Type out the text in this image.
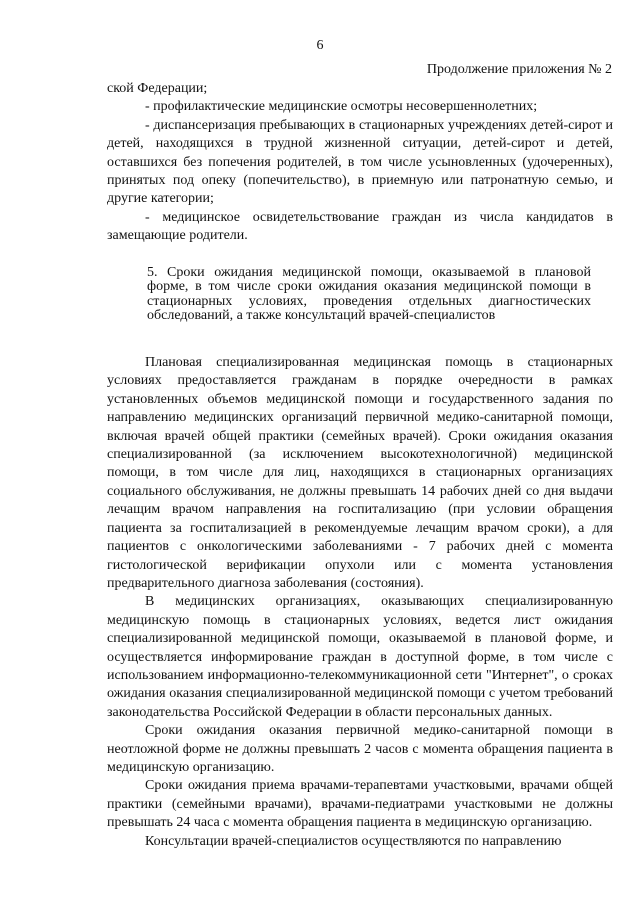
6
Продолжение приложения № 2

ской Федерации;

- профилактические медицинские осмотры несовершеннолетних;

- диспансеризация пребывающих в стационарных учреждениях детей-сирот и детей, находящихся в трудной жизненной ситуации, детей-сирот и детей, оставшихся без попечения родителей, в том числе усыновленных (удочеренных), принятых под опеку (попечительство), в приемную или патронатную семью, и другие категории;

- медицинское освидетельствование граждан из числа кандидатов в замещающие родители.

5. Сроки ожидания медицинской помощи, оказываемой в плановой форме, в том числе сроки ожидания оказания медицинской помощи в стационарных условиях, проведения отдельных диагностических обследований, а также консультаций врачей-специалистов

Плановая специализированная медицинская помощь в стационарных условиях предоставляется гражданам в порядке очередности в рамках установленных объемов медицинской помощи и государственного задания по направлению медицинских организаций первичной медико-санитарной помощи, включая врачей общей практики (семейных врачей). Сроки ожидания оказания специализированной (за исключением высокотехнологичной) медицинской помощи, в том числе для лиц, находящихся в стационарных организациях социального обслуживания, не должны превышать 14 рабочих дней со дня выдачи лечащим врачом направления на госпитализацию (при условии обращения пациента за госпитализацией в рекомендуемые лечащим врачом сроки), а для пациентов с онкологическими заболеваниями - 7 рабочих дней с момента гистологической верификации опухоли или с момента установления предварительного диагноза заболевания (состояния).

В медицинских организациях, оказывающих специализированную медицинскую помощь в стационарных условиях, ведется лист ожидания специализированной медицинской помощи, оказываемой в плановой форме, и осуществляется информирование граждан в доступной форме, в том числе с использованием информационно-телекоммуникационной сети "Интернет", о сроках ожидания оказания специализированной медицинской помощи с учетом требований законодательства Российской Федерации в области персональных данных.

Сроки ожидания оказания первичной медико-санитарной помощи в неотложной форме не должны превышать 2 часов с момента обращения пациента в медицинскую организацию.

Сроки ожидания приема врачами-терапевтами участковыми, врачами общей практики (семейными врачами), врачами-педиатрами участковыми не должны превышать 24 часа с момента обращения пациента в медицинскую организацию.

Консультации врачей-специалистов осуществляются по направлению
